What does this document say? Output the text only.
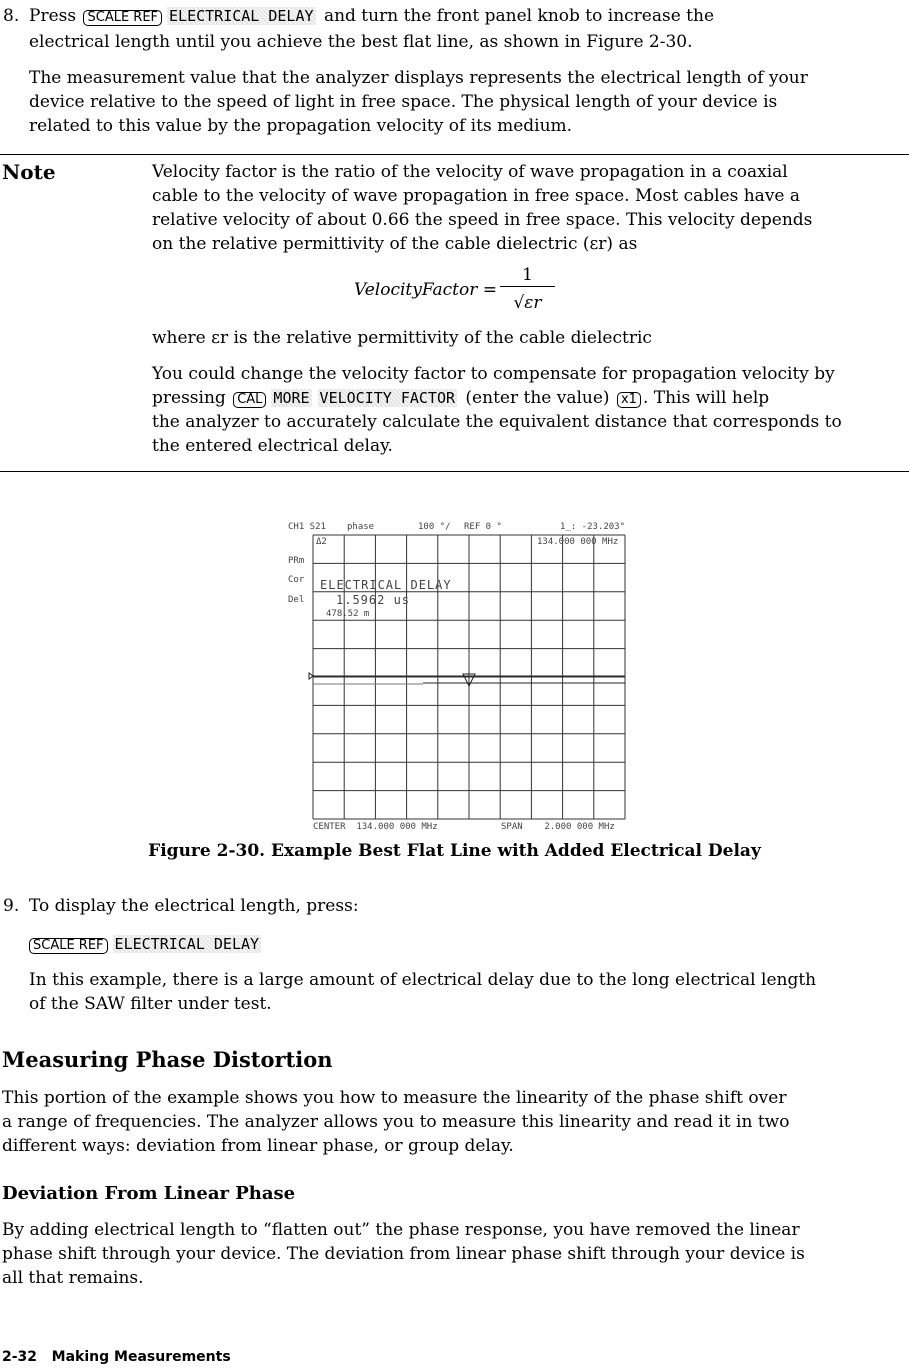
8. Press SCALE REF ELECTRICAL DELAY and turn the front panel knob to increase the
electrical length until you achieve the best flat line, as shown in Figure 2-30.
The measurement value that the analyzer displays represents the electrical length of your
device relative to the speed of light in free space. The physical length of your device is
related to this value by the propagation velocity of its medium.
Note	Velocity factor is the ratio of the velocity of wave propagation in a coaxial
cable to the velocity of wave propagation in free space. Most cables have a
relative velocity of about 0.66 the speed in free space. This velocity depends
on the relative permittivity of the cable dielectric (εr) as
VelocityFactor =
1
√εr
where εr is the relative permittivity of the cable dielectric
You could change the velocity factor to compensate for propagation velocity by
pressing CAL MORE VELOCITY FACTOR (enter the value) x1 . This will help
the analyzer to accurately calculate the equivalent distance that corresponds to
the entered electrical delay.
CH1 S21 phase	100 °/ REF 0 °	1_: -23.203°
134.000 000 MHz
Δ2
PRm
Cor
Del
ELECTRICAL DELAY
1.5962 us
478.52 m
CENTER  134.000 000 MHz	SPAN    2.000 000 MHz
Figure 2-30. Example Best Flat Line with Added Electrical Delay
9. To display the electrical length, press:
SCALE REF ELECTRICAL DELAY
In this example, there is a large amount of electrical delay due to the long electrical length
of the SAW filter under test.
Measuring Phase Distortion
This portion of the example shows you how to measure the linearity of the phase shift over
a range of frequencies. The analyzer allows you to measure this linearity and read it in two
different ways: deviation from linear phase, or group delay.
Deviation From Linear Phase
By adding electrical length to “flatten out” the phase response, you have removed the linear
phase shift through your device. The deviation from linear phase shift through your device is
all that remains.
2-32 Making Measurements
